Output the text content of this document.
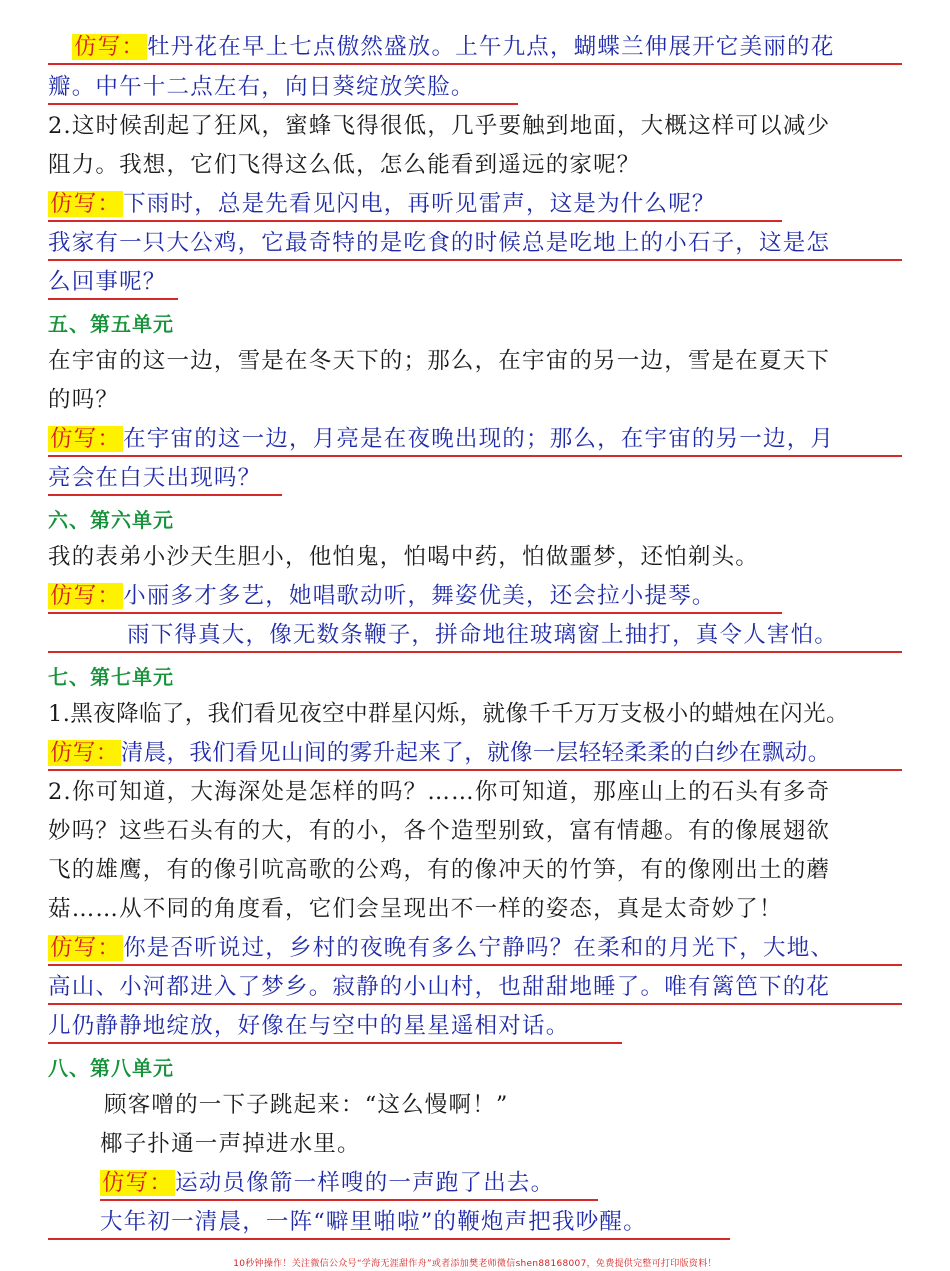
仿写：牡丹花在早上七点傲然盛放。上午九点，蝴蝶兰伸展开它美丽的花
瓣。中午十二点左右，向日葵绽放笑脸。
2.这时候刮起了狂风，蜜蜂飞得很低，几乎要触到地面，大概这样可以减少
阻力。我想，它们飞得这么低，怎么能看到遥远的家呢？
仿写：下雨时，总是先看见闪电，再听见雷声，这是为什么呢？
我家有一只大公鸡，它最奇特的是吃食的时候总是吃地上的小石子，这是怎
么回事呢？
五、第五单元
在宇宙的这一边，雪是在冬天下的；那么，在宇宙的另一边，雪是在夏天下
的吗？
仿写：在宇宙的这一边，月亮是在夜晚出现的；那么，在宇宙的另一边，月
亮会在白天出现吗？
六、第六单元
我的表弟小沙天生胆小，他怕鬼，怕喝中药，怕做噩梦，还怕剃头。
仿写：小丽多才多艺，她唱歌动听，舞姿优美，还会拉小提琴。
雨下得真大，像无数条鞭子，拼命地往玻璃窗上抽打，真令人害怕。
七、第七单元
1.黑夜降临了，我们看见夜空中群星闪烁，就像千千万万支极小的蜡烛在闪光。
仿写：清晨，我们看见山间的雾升起来了，就像一层轻轻柔柔的白纱在飘动。
2.你可知道，大海深处是怎样的吗？……你可知道，那座山上的石头有多奇
妙吗？这些石头有的大，有的小，各个造型别致，富有情趣。有的像展翅欲
飞的雄鹰，有的像引吭高歌的公鸡，有的像冲天的竹笋，有的像刚出土的蘑
菇……从不同的角度看，它们会呈现出不一样的姿态，真是太奇妙了！
仿写：你是否听说过，乡村的夜晚有多么宁静吗？在柔和的月光下，大地、
高山、小河都进入了梦乡。寂静的小山村，也甜甜地睡了。唯有篱笆下的花
儿仍静静地绽放，好像在与空中的星星遥相对话。
八、第八单元
顾客噌的一下子跳起来：“这么慢啊！”
椰子扑通一声掉进水里。
仿写：运动员像箭一样嗖的一声跑了出去。
大年初一清晨，一阵“噼里啪啦”的鞭炮声把我吵醒。
10秒钟操作！关注微信公众号“学海无涯甜作舟”或者添加樊老师微信shen88168007，免费提供完整可打印版资料！
